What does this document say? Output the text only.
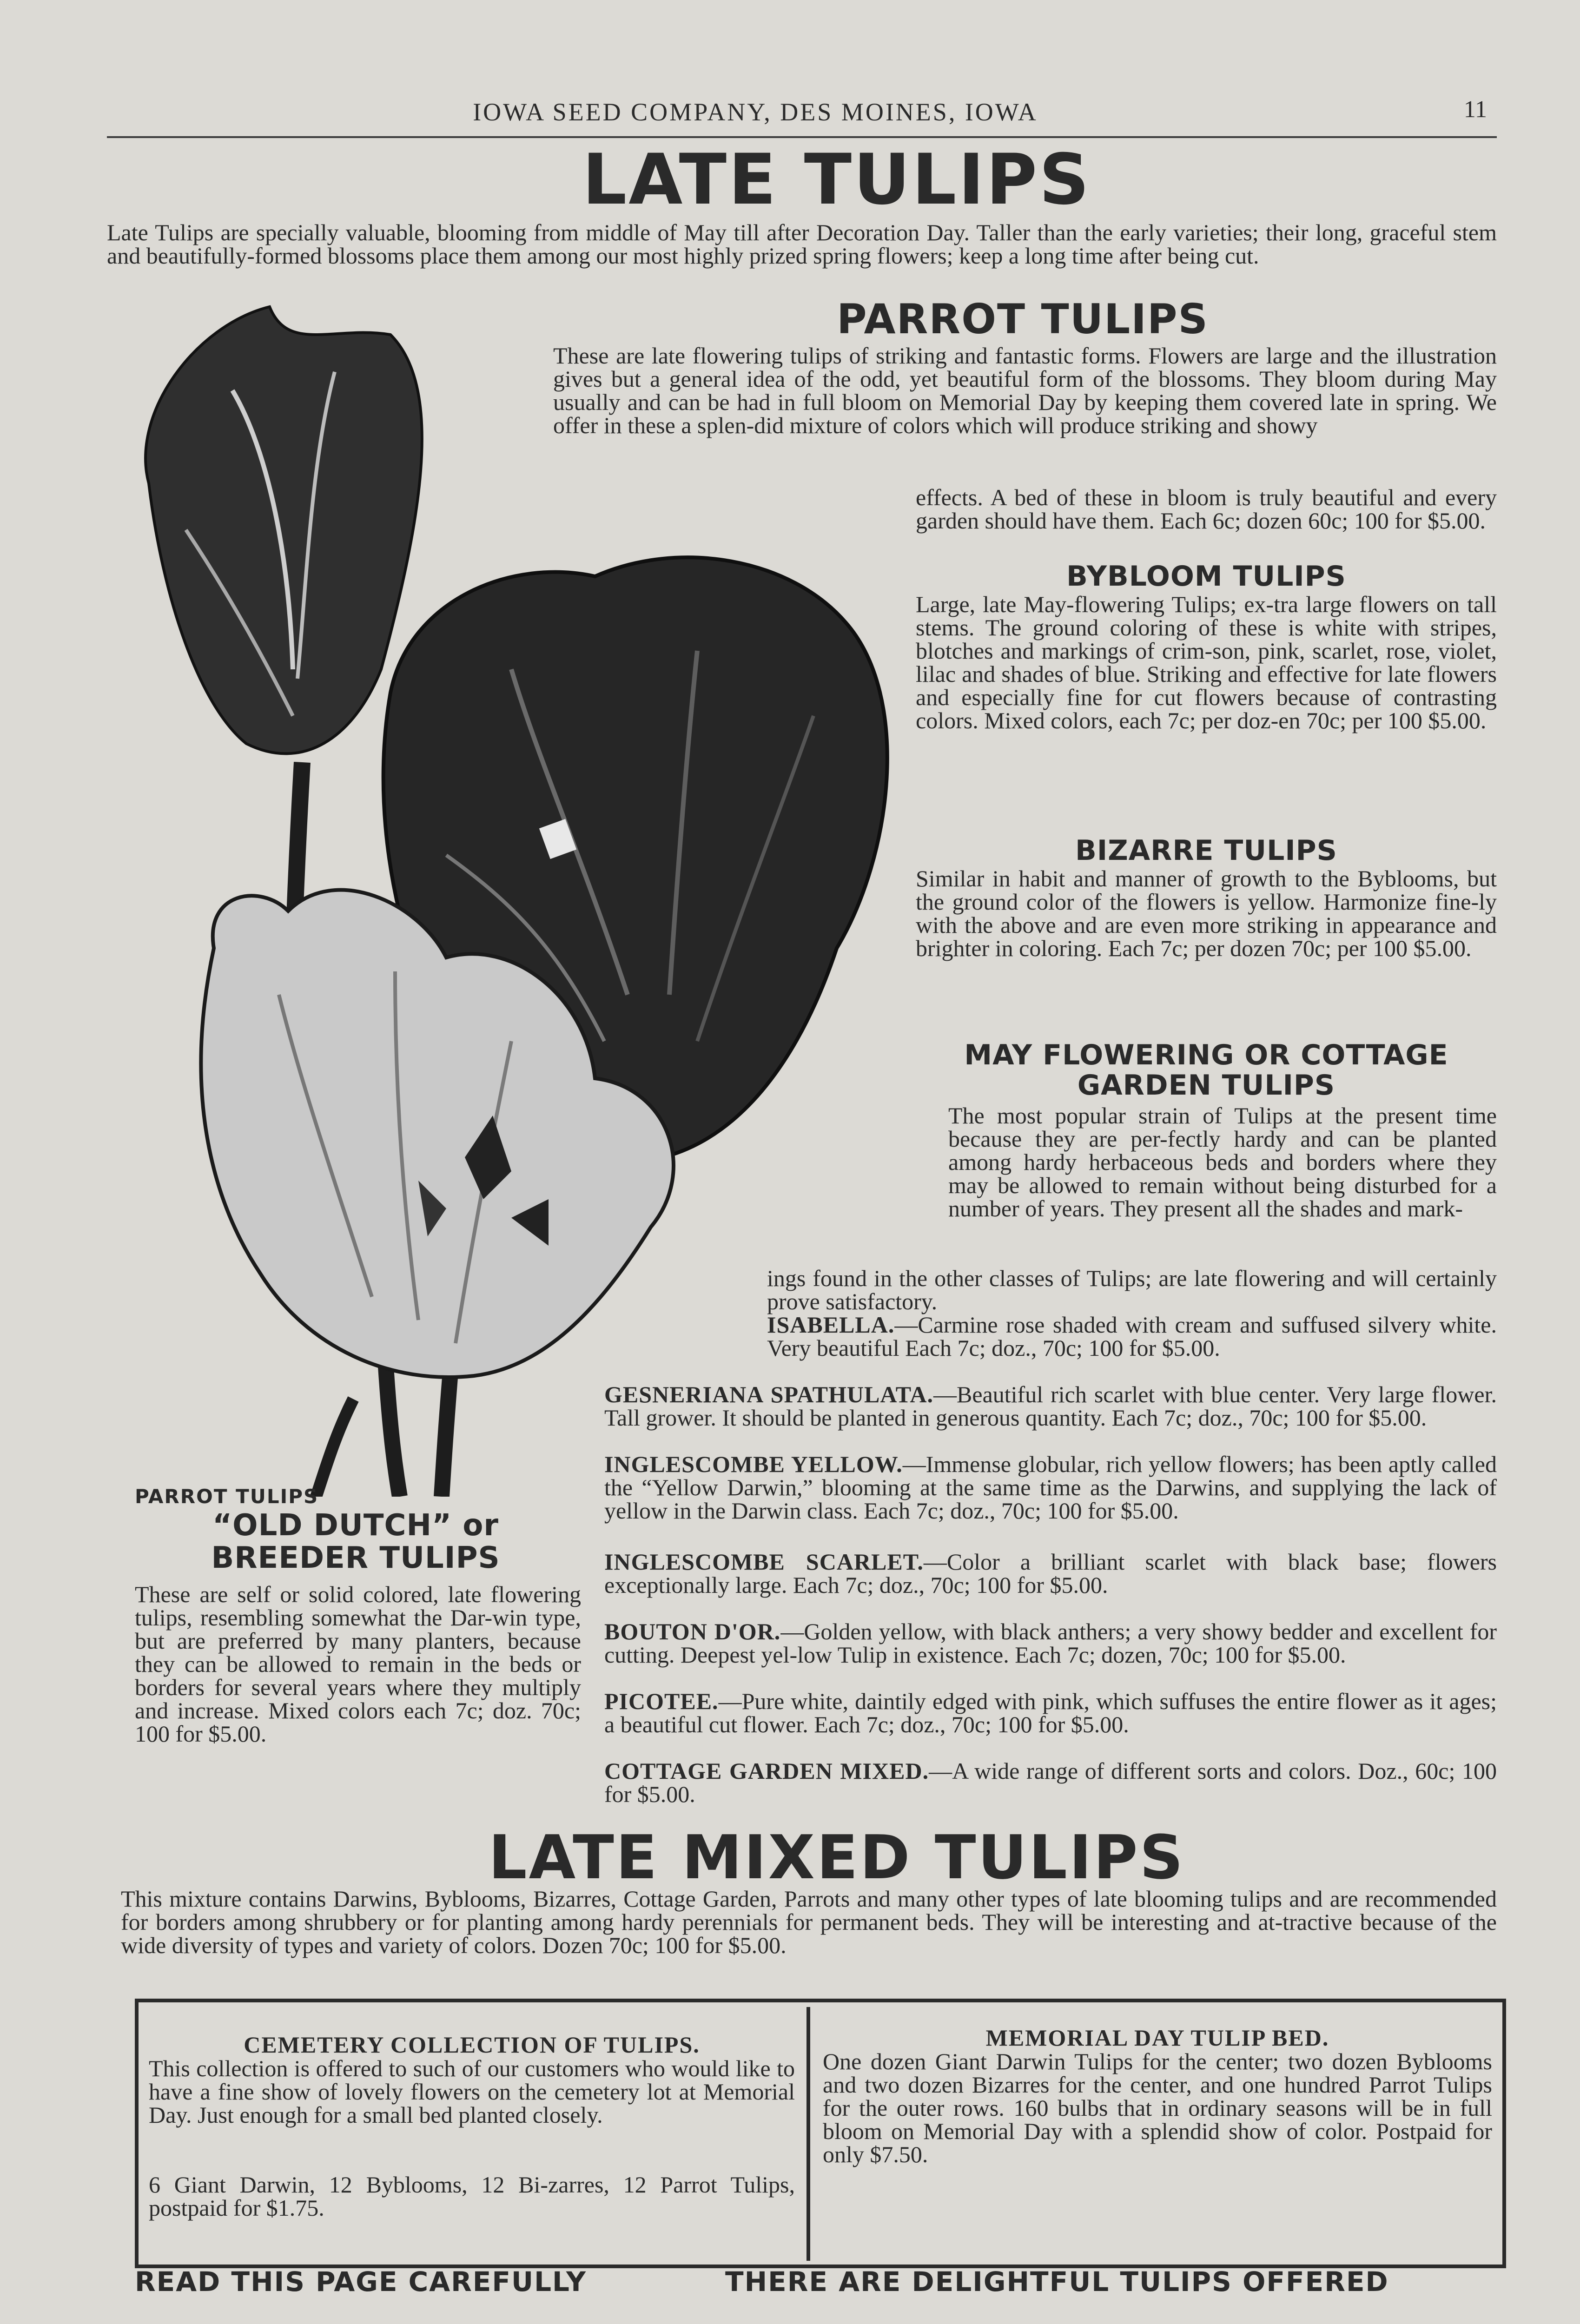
IOWA SEED COMPANY, DES MOINES, IOWA	11
LATE TULIPS
Late Tulips are specially valuable, blooming from middle of May till after Decoration Day. Taller than the early varieties; their long, graceful stem and beautifully-formed blossoms place them among our most highly prized spring flowers; keep a long time after being cut.
PARROT TULIPS
These are late flowering tulips of striking and fantastic forms. Flowers are large and the illustration gives but a general idea of the odd, yet beautiful form of the blossoms. They bloom during May usually and can be had in full bloom on Memorial Day by keeping them covered late in spring. We offer in these a splen-did mixture of colors which will produce striking and showy
effects. A bed of these in bloom is truly beautiful and every garden should have them. Each 6c; dozen 60c; 100 for $5.00.
BYBLOOM TULIPS
Large, late May-flowering Tulips; ex-tra large flowers on tall stems. The ground coloring of these is white with stripes, blotches and markings of crim-son, pink, scarlet, rose, violet, lilac and shades of blue. Striking and effective for late flowers and especially fine for cut flowers because of contrasting colors. Mixed colors, each 7c; per doz-en 70c; per 100 $5.00.
BIZARRE TULIPS
Similar in habit and manner of growth to the Byblooms, but the ground color of the flowers is yellow. Harmonize fine-ly with the above and are even more striking in appearance and brighter in coloring. Each 7c; per dozen 70c; per 100 $5.00.
MAY FLOWERING OR COTTAGE
GARDEN TULIPS
The most popular strain of Tulips at the present time because they are per-fectly hardy and can be planted among hardy herbaceous beds and borders where they may be allowed to remain without being disturbed for a number of years. They present all the shades and mark-
ings found in the other classes of Tulips; are late flowering and will certainly prove satisfactory.
ISABELLA.—Carmine rose shaded with cream and suffused silvery white. Very beautiful Each 7c; doz., 70c; 100 for $5.00.
GESNERIANA SPATHULATA.—Beautiful rich scarlet with blue center. Very large flower. Tall grower. It should be planted in generous quantity. Each 7c; doz., 70c; 100 for $5.00.
INGLESCOMBE YELLOW.—Immense globular, rich yellow flowers; has been aptly called the “Yellow Darwin,” blooming at the same time as the Darwins, and supplying the lack of yellow in the Darwin class. Each 7c; doz., 70c; 100 for $5.00.
INGLESCOMBE SCARLET.—Color a brilliant scarlet with black base; flowers exceptionally large. Each 7c; doz., 70c; 100 for $5.00.
BOUTON D'OR.—Golden yellow, with black anthers; a very showy bedder and excellent for cutting. Deepest yel-low Tulip in existence. Each 7c; dozen, 70c; 100 for $5.00.
PICOTEE.—Pure white, daintily edged with pink, which suffuses the entire flower as it ages; a beautiful cut flower. Each 7c; doz., 70c; 100 for $5.00.
COTTAGE GARDEN MIXED.—A wide range of different sorts and colors. Doz., 60c; 100 for $5.00.
PARROT TULIPS
“OLD DUTCH” or
BREEDER TULIPS
These are self or solid colored, late flowering tulips, resembling somewhat the Dar-win type, but are preferred by many planters, because they can be allowed to remain in the beds or borders for several years where they multiply and increase. Mixed colors each 7c; doz. 70c; 100 for $5.00.
LATE MIXED TULIPS
This mixture contains Darwins, Byblooms, Bizarres, Cottage Garden, Parrots and many other types of late blooming tulips and are recommended for borders among shrubbery or for planting among hardy perennials for permanent beds. They will be interesting and at-tractive because of the wide diversity of types and variety of colors. Dozen 70c; 100 for $5.00.
CEMETERY COLLECTION OF TULIPS.
This collection is offered to such of our customers who would like to have a fine show of lovely flowers on the cemetery lot at Memorial Day. Just enough for a small bed planted closely.
6 Giant Darwin, 12 Byblooms, 12 Bi-zarres, 12 Parrot Tulips, postpaid for $1.75.
MEMORIAL DAY TULIP BED.
One dozen Giant Darwin Tulips for the center; two dozen Byblooms and two dozen Bizarres for the center, and one hundred Parrot Tulips for the outer rows. 160 bulbs that in ordinary seasons will be in full bloom on Memorial Day with a splendid show of color. Postpaid for only $7.50.
READ THIS PAGE CAREFULLY	THERE ARE DELIGHTFUL TULIPS OFFERED
